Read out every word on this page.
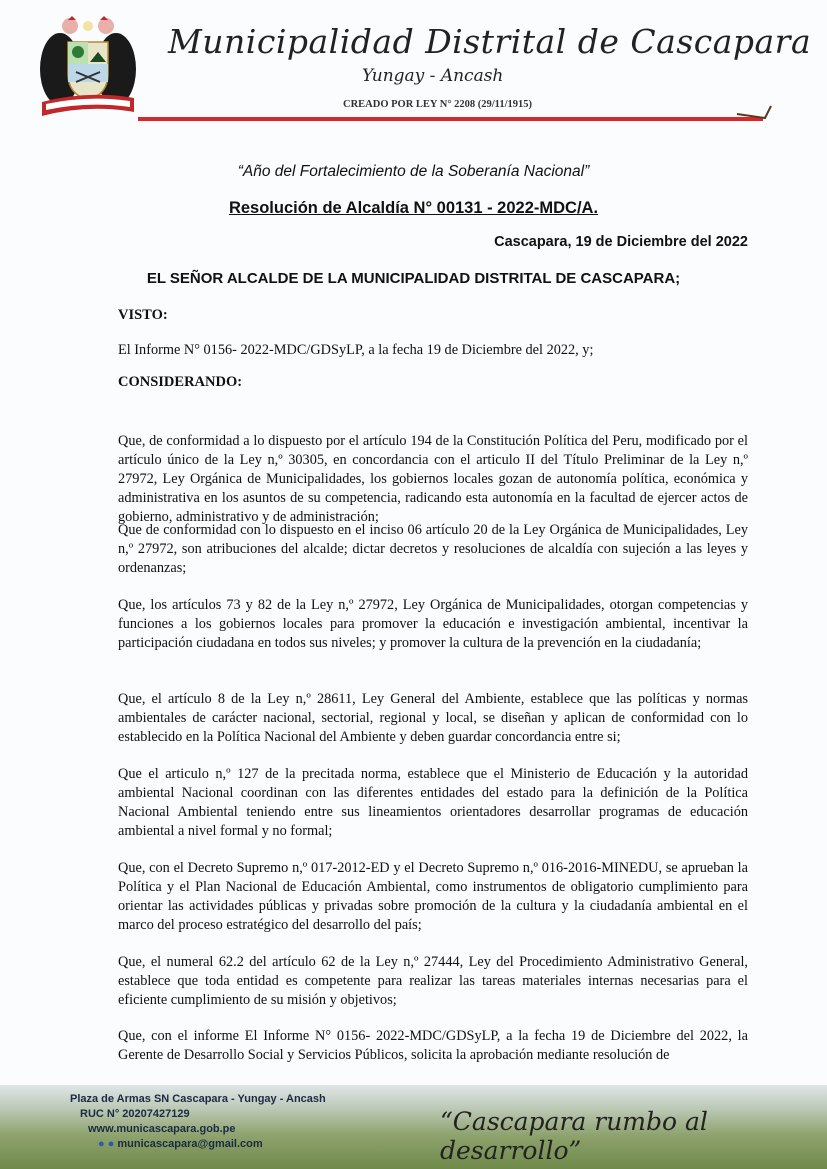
Municipalidad Distrital de Cascapara
Yungay - Ancash
CREADO POR LEY N° 2208 (29/11/1915)
“Año del Fortalecimiento de la Soberanía Nacional”
Resolución de Alcaldía N° 00131 - 2022-MDC/A.
Cascapara, 19 de Diciembre del 2022
EL SEÑOR ALCALDE DE LA MUNICIPALIDAD DISTRITAL DE CASCAPARA;
VISTO:
El Informe N° 0156- 2022-MDC/GDSyLP, a la fecha 19 de Diciembre del 2022, y;
CONSIDERANDO:
Que, de conformidad a lo dispuesto por el artículo 194 de la Constitución Política del Peru, modificado por el artículo único de la Ley n,º 30305, en concordancia con el articulo II del Título Preliminar de la Ley n,º 27972, Ley Orgánica de Municipalidades, los gobiernos locales gozan de autonomía política, económica y administrativa en los asuntos de su competencia, radicando esta autonomía en la facultad de ejercer actos de gobierno, administrativo y de administración;
Que de conformidad con lo dispuesto en el inciso 06 artículo 20 de la Ley Orgánica de Municipalidades, Ley n,º 27972, son atribuciones del alcalde; dictar decretos y resoluciones de alcaldía con sujeción a las leyes y ordenanzas;
Que, los artículos 73 y 82 de la Ley n,º 27972, Ley Orgánica de Municipalidades, otorgan competencias y funciones a los gobiernos locales para promover la educación e investigación ambiental, incentivar la participación ciudadana en todos sus niveles; y promover la cultura de la prevención en la ciudadanía;
Que, el artículo 8 de la Ley n,º 28611, Ley General del Ambiente, establece que las políticas y normas ambientales de carácter nacional, sectorial, regional y local, se diseñan y aplican de conformidad con lo establecido en la Política Nacional del Ambiente y deben guardar concordancia entre si;
Que el articulo n,º 127 de la precitada norma, establece que el Ministerio de Educación y la autoridad ambiental Nacional coordinan con las diferentes entidades del estado para la definición de la Política Nacional Ambiental teniendo entre sus lineamientos orientadores desarrollar programas de educación ambiental a nivel formal y no formal;
Que, con el Decreto Supremo n,º 017-2012-ED y el Decreto Supremo n,º 016-2016-MINEDU, se aprueban la Política y el Plan Nacional de Educación Ambiental, como instrumentos de obligatorio cumplimiento para orientar las actividades públicas y privadas sobre promoción de la cultura y la ciudadanía ambiental en el marco del proceso estratégico del desarrollo del país;
Que, el numeral 62.2 del artículo 62 de la Ley n,º 27444, Ley del Procedimiento Administrativo General, establece que toda entidad es competente para realizar las tareas materiales internas necesarias para el eficiente cumplimiento de su misión y objetivos;
Que, con el informe El Informe N° 0156- 2022-MDC/GDSyLP, a la fecha 19 de Diciembre del 2022, la Gerente de Desarrollo Social y Servicios Públicos, solicita la aprobación mediante resolución de
Plaza de Armas SN Cascapara - Yungay - Ancash
RUC N° 20207427129
www.municascapara.gob.pe
● ● municascapara@gmail.com
“Cascapara rumbo al desarrollo”
